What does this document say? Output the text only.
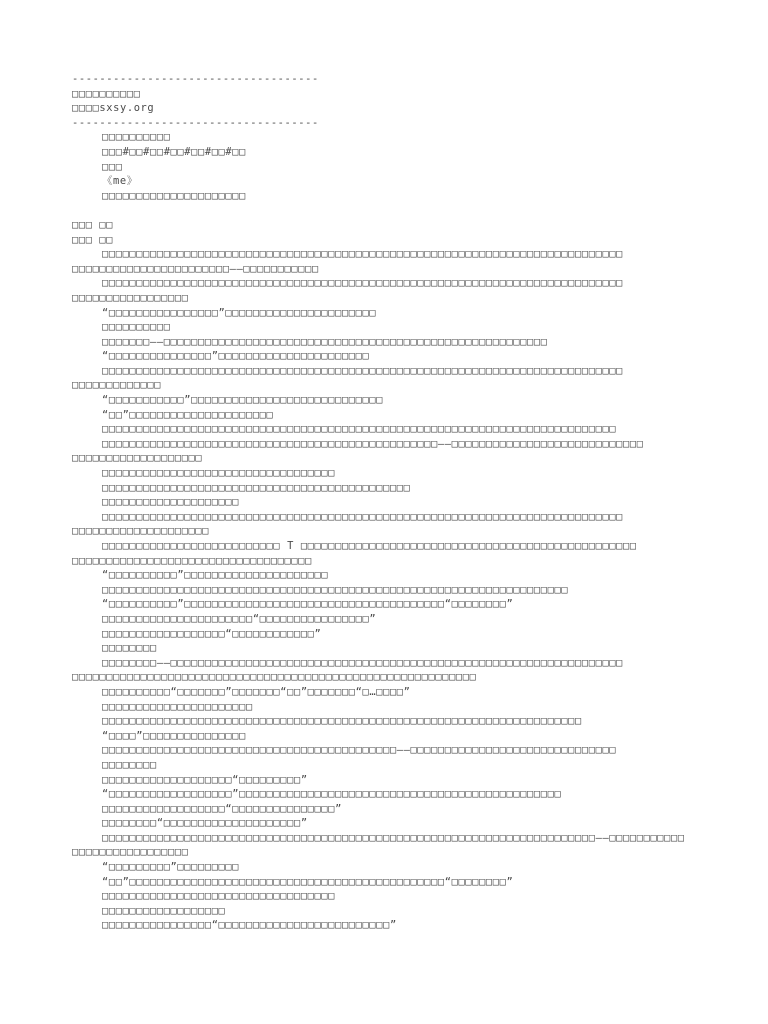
------------------------------------
□□□□□□□□□□
□□□□sxsy.org
------------------------------------
□□□□□□□□□□
□□□#□□#□□#□□#□□#□□#□□
□□□
《me》
□□□□□□□□□□□□□□□□□□□□□
□□□ □□
□□□ □□
□□□□□□□□□□□□□□□□□□□□□□□□□□□□□□□□□□□□□□□□□□□□□□□□□□□□□□□□□□□□□□□□□□□□□□□□□□□□
□□□□□□□□□□□□□□□□□□□□□□□——□□□□□□□□□□□
□□□□□□□□□□□□□□□□□□□□□□□□□□□□□□□□□□□□□□□□□□□□□□□□□□□□□□□□□□□□□□□□□□□□□□□□□□□□
□□□□□□□□□□□□□□□□□
“□□□□□□□□□□□□□□□□”□□□□□□□□□□□□□□□□□□□□□□
□□□□□□□□□□
□□□□□□□——□□□□□□□□□□□□□□□□□□□□□□□□□□□□□□□□□□□□□□□□□□□□□□□□□□□□□□□□
“□□□□□□□□□□□□□□□”□□□□□□□□□□□□□□□□□□□□□□
□□□□□□□□□□□□□□□□□□□□□□□□□□□□□□□□□□□□□□□□□□□□□□□□□□□□□□□□□□□□□□□□□□□□□□□□□□□□
□□□□□□□□□□□□□
“□□□□□□□□□□□”□□□□□□□□□□□□□□□□□□□□□□□□□□□□
“□□”□□□□□□□□□□□□□□□□□□□□□
□□□□□□□□□□□□□□□□□□□□□□□□□□□□□□□□□□□□□□□□□□□□□□□□□□□□□□□□□□□□□□□□□□□□□□□□□□□
□□□□□□□□□□□□□□□□□□□□□□□□□□□□□□□□□□□□□□□□□□□□□□□□□——□□□□□□□□□□□□□□□□□□□□□□□□□□□□
□□□□□□□□□□□□□□□□□□□
□□□□□□□□□□□□□□□□□□□□□□□□□□□□□□□□□□
□□□□□□□□□□□□□□□□□□□□□□□□□□□□□□□□□□□□□□□□□□□□□
□□□□□□□□□□□□□□□□□□□□
□□□□□□□□□□□□□□□□□□□□□□□□□□□□□□□□□□□□□□□□□□□□□□□□□□□□□□□□□□□□□□□□□□□□□□□□□□□□
□□□□□□□□□□□□□□□□□□□□
□□□□□□□□□□□□□□□□□□□□□□□□□□ T □□□□□□□□□□□□□□□□□□□□□□□□□□□□□□□□□□□□□□□□□□□□□□□□□
□□□□□□□□□□□□□□□□□□□□□□□□□□□□□□□□□□□
“□□□□□□□□□□”□□□□□□□□□□□□□□□□□□□□□
□□□□□□□□□□□□□□□□□□□□□□□□□□□□□□□□□□□□□□□□□□□□□□□□□□□□□□□□□□□□□□□□□□□□
“□□□□□□□□□□”□□□□□□□□□□□□□□□□□□□□□□□□□□□□□□□□□□□□□□“□□□□□□□□”
□□□□□□□□□□□□□□□□□□□□□□“□□□□□□□□□□□□□□□□”
□□□□□□□□□□□□□□□□□□“□□□□□□□□□□□□”
□□□□□□□□
□□□□□□□□——□□□□□□□□□□□□□□□□□□□□□□□□□□□□□□□□□□□□□□□□□□□□□□□□□□□□□□□□□□□□□□□□□□
□□□□□□□□□□□□□□□□□□□□□□□□□□□□□□□□□□□□□□□□□□□□□□□□□□□□□□□□□□□
□□□□□□□□□□“□□□□□□□”□□□□□□□“□□”□□□□□□□“□…□□□□”
□□□□□□□□□□□□□□□□□□□□□□
□□□□□□□□□□□□□□□□□□□□□□□□□□□□□□□□□□□□□□□□□□□□□□□□□□□□□□□□□□□□□□□□□□□□□□
“□□□□”□□□□□□□□□□□□□□□
□□□□□□□□□□□□□□□□□□□□□□□□□□□□□□□□□□□□□□□□□□□——□□□□□□□□□□□□□□□□□□□□□□□□□□□□□□
□□□□□□□□
□□□□□□□□□□□□□□□□□□□“□□□□□□□□□”
“□□□□□□□□□□□□□□□□□□”□□□□□□□□□□□□□□□□□□□□□□□□□□□□□□□□□□□□□□□□□□□□□□□
□□□□□□□□□□□□□□□□□□“□□□□□□□□□□□□□□□”
□□□□□□□□“□□□□□□□□□□□□□□□□□□□□”
□□□□□□□□□□□□□□□□□□□□□□□□□□□□□□□□□□□□□□□□□□□□□□□□□□□□□□□□□□□□□□□□□□□□□□□□——□□□□□□□□□□□
□□□□□□□□□□□□□□□□□
“□□□□□□□□□”□□□□□□□□□
“□□”□□□□□□□□□□□□□□□□□□□□□□□□□□□□□□□□□□□□□□□□□□□□□□“□□□□□□□□”
□□□□□□□□□□□□□□□□□□□□□□□□□□□□□□□□□□
□□□□□□□□□□□□□□□□□□
□□□□□□□□□□□□□□□□“□□□□□□□□□□□□□□□□□□□□□□□□□”
